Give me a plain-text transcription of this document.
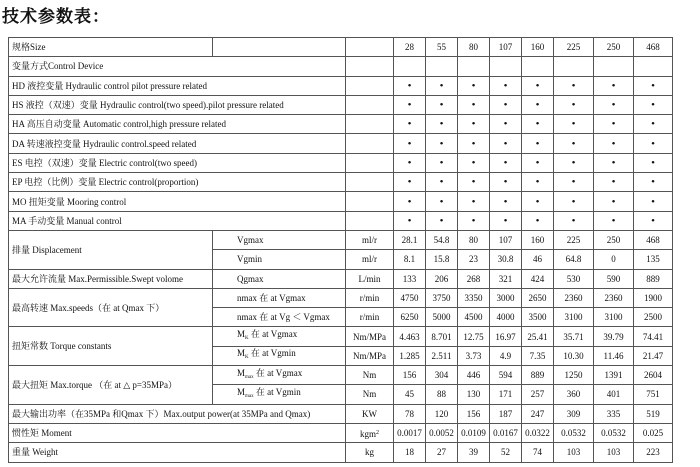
技术参数表：
规格Size			28	55	80	107	160	225	250	468
变量方式Control Device										
HD 液控变量 Hydraulic control pilot pressure related			•	•	•	•	•	•	•	•
HS 液控（双速）变量 Hydraulic control(two speed).pilot pressure related			•	•	•	•	•	•	•	•
HA 高压自动变量 Automatic control,high pressure related			•	•	•	•	•	•	•	•
DA 转速液控变量 Hydraulic control.speed related			•	•	•	•	•	•	•	•
ES 电控（双速）变量 Electric control(two speed)			•	•	•	•	•	•	•	•
EP 电控（比例）变量 Electric control(proportion)			•	•	•	•	•	•	•	•
MO 扭矩变量 Mooring control			•	•	•	•	•	•	•	•
MA 手动变量 Manual control			•	•	•	•	•	•	•	•
排量 Displacement	Vgmax	ml/r	28.1	54.8	80	107	160	225	250	468
	Vgmin	ml/r	8.1	15.8	23	30.8	46	64.8	0	135
最大允许流量 Max.Permissible.Swept volome	Qgmax	L/min	133	206	268	321	424	530	590	889
最高转速 Max.speeds（在 at Qmax 下）	nmax 在 at Vgmax	r/min	4750	3750	3350	3000	2650	2360	2360	1900
	nmax 在 at Vg ＜ Vgmax	r/min	6250	5000	4500	4000	3500	3100	3100	2500
扭矩常数 Torque constants	$M_K$ 在 at Vgmax	Nm/MPa	4.463	8.701	12.75	16.97	25.41	35.71	39.79	74.41
	$M_K$ 在 at Vgmin	Nm/MPa	1.285	2.511	3.73	4.9	7.35	10.30	11.46	21.47
最大扭矩 Max.torque （在 at △ p=35MPa）	$M_{max}$ 在 at Vgmax	Nm	156	304	446	594	889	1250	1391	2604
	$M_{max}$ 在 at Vgmin	Nm	45	88	130	171	257	360	401	751
最大输出功率（在35MPa 和Qmax 下）Max.output power(at 35MPa and Qmax)		KW	78	120	156	187	247	309	335	519
惯性矩 Moment		kgm$^2$	0.0017	0.0052	0.0109	0.0167	0.0322	0.0532	0.0532	0.025
重量 Weight		kg	18	27	39	52	74	103	103	223
